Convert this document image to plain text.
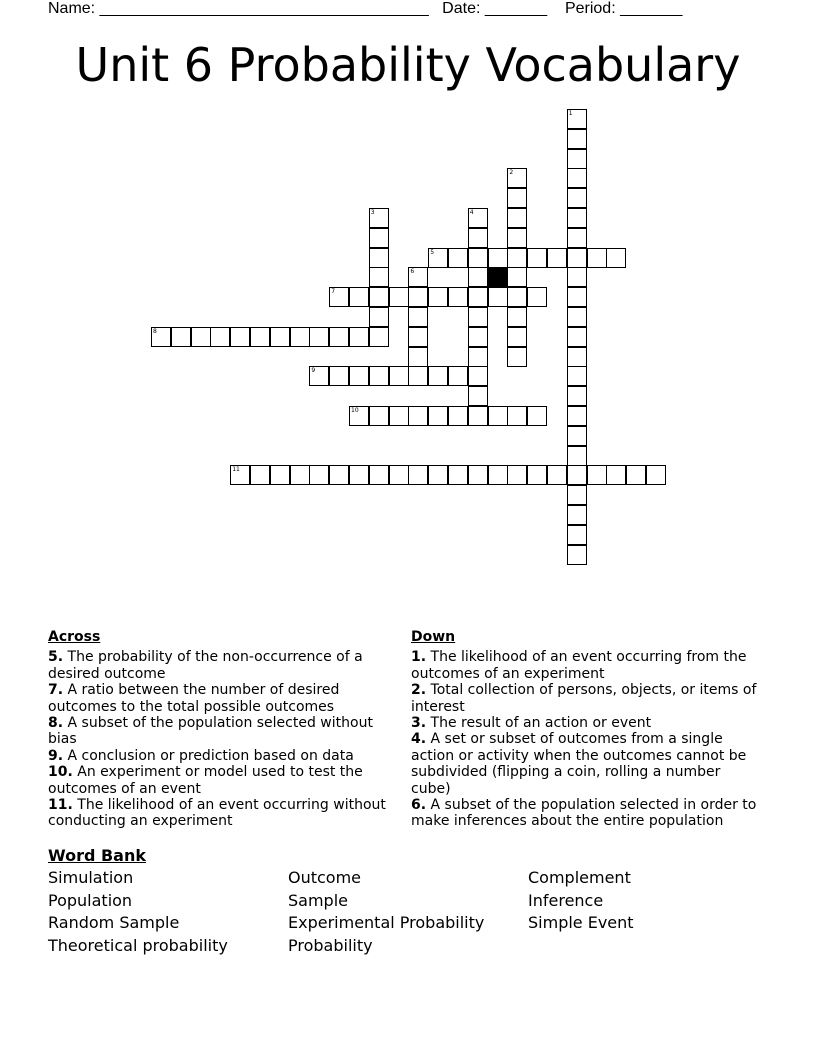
Name: _____________________________________ Date: _______ Period: _______
Unit 6 Probability Vocabulary
1
2
3	4
5
6
7
8
9
10
11
Across
5. The probability of the non-occurrence of a desired outcome
7. A ratio between the number of desired outcomes to the total possible outcomes
8. A subset of the population selected without bias
9. A conclusion or prediction based on data
10. An experiment or model used to test the outcomes of an event
11. The likelihood of an event occurring without conducting an experiment
Down
1. The likelihood of an event occurring from the outcomes of an experiment
2. Total collection of persons, objects, or items of interest
3. The result of an action or event
4. A set or subset of outcomes from a single action or activity when the outcomes cannot be subdivided (flipping a coin, rolling a number cube)
6. A subset of the population selected in order to make inferences about the entire population
Word Bank
Simulation
Population
Random Sample
Theoretical probability
Outcome
Sample
Experimental Probability
Probability
Complement
Inference
Simple Event
